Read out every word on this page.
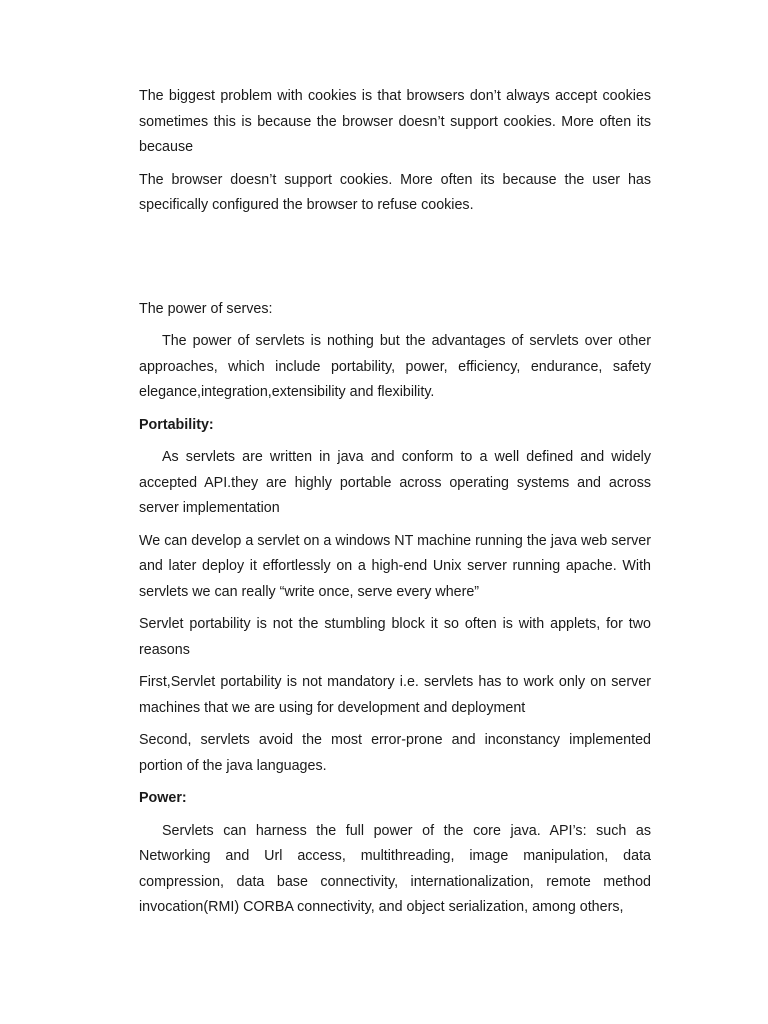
The biggest problem with cookies is that browsers don’t always accept cookies sometimes this is because the browser doesn’t support cookies. More often its because

The browser doesn’t support cookies. More often its because the user has specifically configured the browser to refuse cookies.

The power of serves:

The power of servlets is nothing but the advantages of servlets over other approaches, which include portability, power, efficiency, endurance, safety elegance,integration,extensibility and flexibility.

Portability:

As servlets are written in java and conform to a well defined and widely accepted API.they are highly portable across operating systems and across server implementation

We can develop a servlet on a windows NT machine running the java web server and later deploy it effortlessly on a high-end Unix server running apache. With servlets we can really “write once, serve every where”

Servlet portability is not the stumbling block it so often is with applets, for two reasons

First,Servlet portability is not mandatory i.e. servlets has to work only on server machines that we are using for development and deployment

Second, servlets avoid the most error-prone and inconstancy implemented portion of the java languages.

Power:

Servlets can harness the full power of the core java. API’s: such as Networking and Url access, multithreading, image manipulation, data compression, data base connectivity, internationalization, remote method invocation(RMI) CORBA connectivity, and object serialization, among others,
